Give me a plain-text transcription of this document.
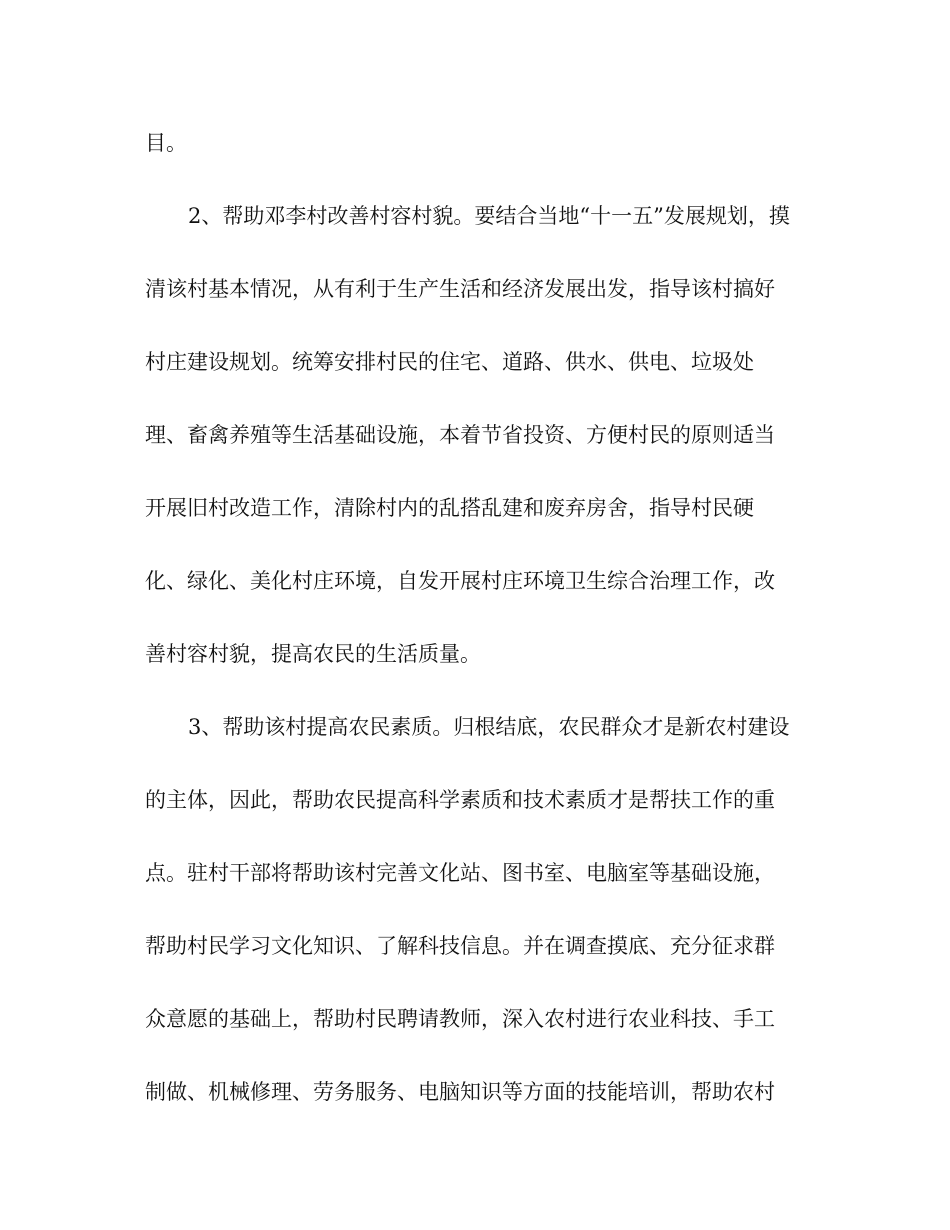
目。
2、帮助邓李村改善村容村貌。要结合当地“十一五”发展规划，摸
清该村基本情况，从有利于生产生活和经济发展出发，指导该村搞好
村庄建设规划。统筹安排村民的住宅、道路、供水、供电、垃圾处
理、畜禽养殖等生活基础设施，本着节省投资、方便村民的原则适当
开展旧村改造工作，清除村内的乱搭乱建和废弃房舍，指导村民硬
化、绿化、美化村庄环境，自发开展村庄环境卫生综合治理工作，改
善村容村貌，提高农民的生活质量。
3、帮助该村提高农民素质。归根结底，农民群众才是新农村建设
的主体，因此，帮助农民提高科学素质和技术素质才是帮扶工作的重
点。驻村干部将帮助该村完善文化站、图书室、电脑室等基础设施，
帮助村民学习文化知识、了解科技信息。并在调查摸底、充分征求群
众意愿的基础上，帮助村民聘请教师，深入农村进行农业科技、手工
制做、机械修理、劳务服务、电脑知识等方面的技能培训，帮助农村
